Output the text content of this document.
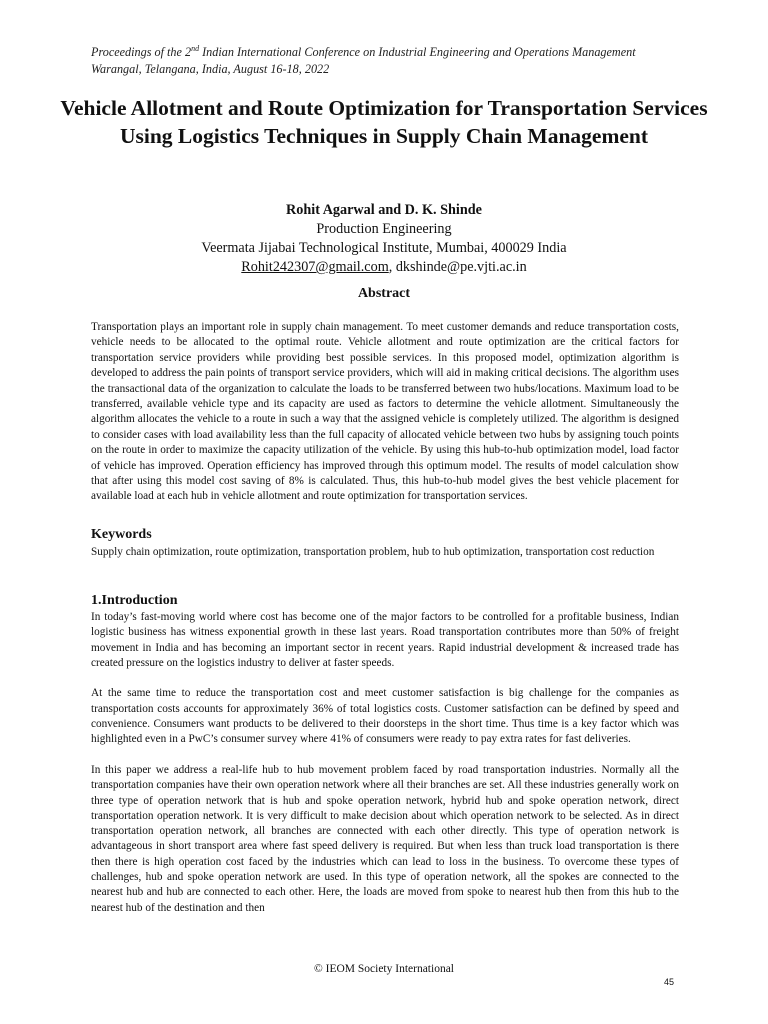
Proceedings of the 2nd Indian International Conference on Industrial Engineering and Operations Management
Warangal, Telangana, India, August 16-18, 2022
Vehicle Allotment and Route Optimization for Transportation Services Using Logistics Techniques in Supply Chain Management
Rohit Agarwal and D. K. Shinde
Production Engineering
Veermata Jijabai Technological Institute, Mumbai, 400029 India
Rohit242307@gmail.com, dkshinde@pe.vjti.ac.in
Abstract
Transportation plays an important role in supply chain management. To meet customer demands and reduce transportation costs, vehicle needs to be allocated to the optimal route. Vehicle allotment and route optimization are the critical factors for transportation service providers while providing best possible services. In this proposed model, optimization algorithm is developed to address the pain points of transport service providers, which will aid in making critical decisions. The algorithm uses the transactional data of the organization to calculate the loads to be transferred between two hubs/locations. Maximum load to be transferred, available vehicle type and its capacity are used as factors to determine the vehicle allotment. Simultaneously the algorithm allocates the vehicle to a route in such a way that the assigned vehicle is completely utilized. The algorithm is designed to consider cases with load availability less than the full capacity of allocated vehicle between two hubs by assigning touch points on the route in order to maximize the capacity utilization of the vehicle. By using this hub-to-hub optimization model, load factor of vehicle has improved. Operation efficiency has improved through this optimum model. The results of model calculation show that after using this model cost saving of 8% is calculated. Thus, this hub-to-hub model gives the best vehicle placement for available load at each hub in vehicle allotment and route optimization for transportation services.
Keywords
Supply chain optimization, route optimization, transportation problem, hub to hub optimization, transportation cost reduction
1.Introduction

In today’s fast-moving world where cost has become one of the major factors to be controlled for a profitable business, Indian logistic business has witness exponential growth in these last years. Road transportation contributes more than 50% of freight movement in India and has becoming an important sector in recent years. Rapid industrial development & increased trade has created pressure on the logistics industry to deliver at faster speeds.

At the same time to reduce the transportation cost and meet customer satisfaction is big challenge for the companies as transportation costs accounts for approximately 36% of total logistics costs. Customer satisfaction can be defined by speed and convenience. Consumers want products to be delivered to their doorsteps in the short time. Thus time is a key factor which was highlighted even in a PwC’s consumer survey where 41% of consumers were ready to pay extra rates for fast deliveries.

In this paper we address a real-life hub to hub movement problem faced by road transportation industries. Normally all the transportation companies have their own operation network where all their branches are set. All these industries generally work on three type of operation network that is hub and spoke operation network, hybrid hub and spoke operation network, direct transportation operation network. It is very difficult to make decision about which operation network to be selected. As in direct transportation operation network, all branches are connected with each other directly. This type of operation network is advantageous in short transport area where fast speed delivery is required. But when less than truck load transportation is there then there is high operation cost faced by the industries which can lead to loss in the business. To overcome these types of challenges, hub and spoke operation network are used. In this type of operation network, all the spokes are connected to the nearest hub and hub are connected to each other. Here, the loads are moved from spoke to nearest hub then from this hub to the nearest hub of the destination and then

© IEOM Society International
45
